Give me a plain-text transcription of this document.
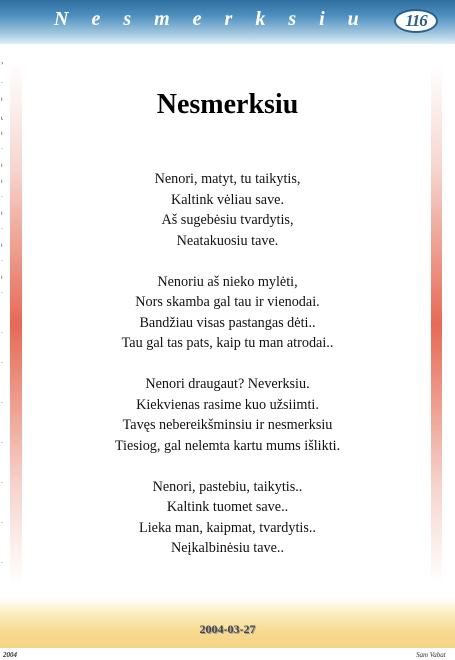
N e s m e r k s i u	116
›
·
ı
ɩ
ı
·
ı
ı
·
ı
·
ı
·
ı
·
·
·
·
·
·
·
·
Nesmerksiu
Nenori, matyt, tu taikytis,
Kaltink vėliau save.
Aš sugebėsiu tvardytis,
Neatakuosiu tave.
Nenoriu aš nieko mylėti,
Nors skamba gal tau ir vienodai.
Bandžiau visas pastangas dėti..
Tau gal tas pats, kaip tu man atrodai..
Nenori draugaut? Neverksiu.
Kiekvienas rasime kuo užsiimti.
Tavęs nebereikšminsiu ir nesmerksiu
Tiesiog, gal nelemta kartu mums išlikti.
Nenori, pastebiu, taikytis..
Kaltink tuomet save..
Lieka man, kaipmat, tvardytis..
Neįkalbinėsiu tave..
2004-03-27
2004	Sam Vabat
